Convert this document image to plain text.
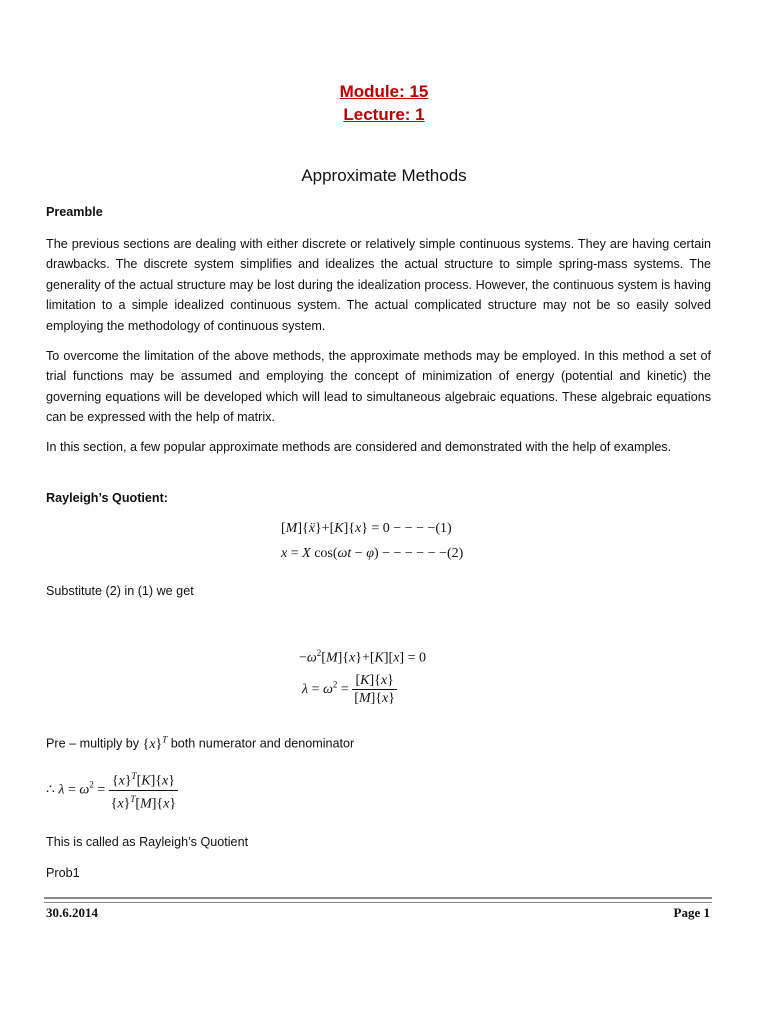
Module: 15
Lecture: 1
Approximate Methods
Preamble
The previous sections are dealing with either discrete or relatively simple continuous systems. They are having certain drawbacks. The discrete system simplifies and idealizes the actual structure to simple spring-mass systems. The generality of the actual structure may be lost during the idealization process. However, the continuous system is having limitation to a simple idealized continuous system. The actual complicated structure may not be so easily solved employing the methodology of continuous system.
To overcome the limitation of the above methods, the approximate methods may be employed. In this method a set of trial functions may be assumed and employing the concept of minimization of energy (potential and kinetic) the governing equations will be developed which will lead to simultaneous algebraic equations. These algebraic equations can be expressed with the help of matrix.
In this section, a few popular approximate methods are considered and demonstrated with the help of examples.
Rayleigh’s Quotient:
[M]{ẍ}+[K]{x} = 0 − − − −(1)
x = X cos(ωt − φ) − − − − − −(2)
Substitute (2) in (1) we get
$-\omega^2[M]\{x\}+[K][x] = 0$
$\lambda = \omega^2 = \frac{[K]\{x\}}{[M]\{x\}}$
Pre – multiply by $\{x\}^T$ both numerator and denominator
∴ $\lambda = \omega^2 = \frac{\{x\}^T[K]\{x\}}{\{x\}^T[M]\{x\}}$
This is called as Rayleigh’s Quotient
Prob1
30.6.2014	Page 1
